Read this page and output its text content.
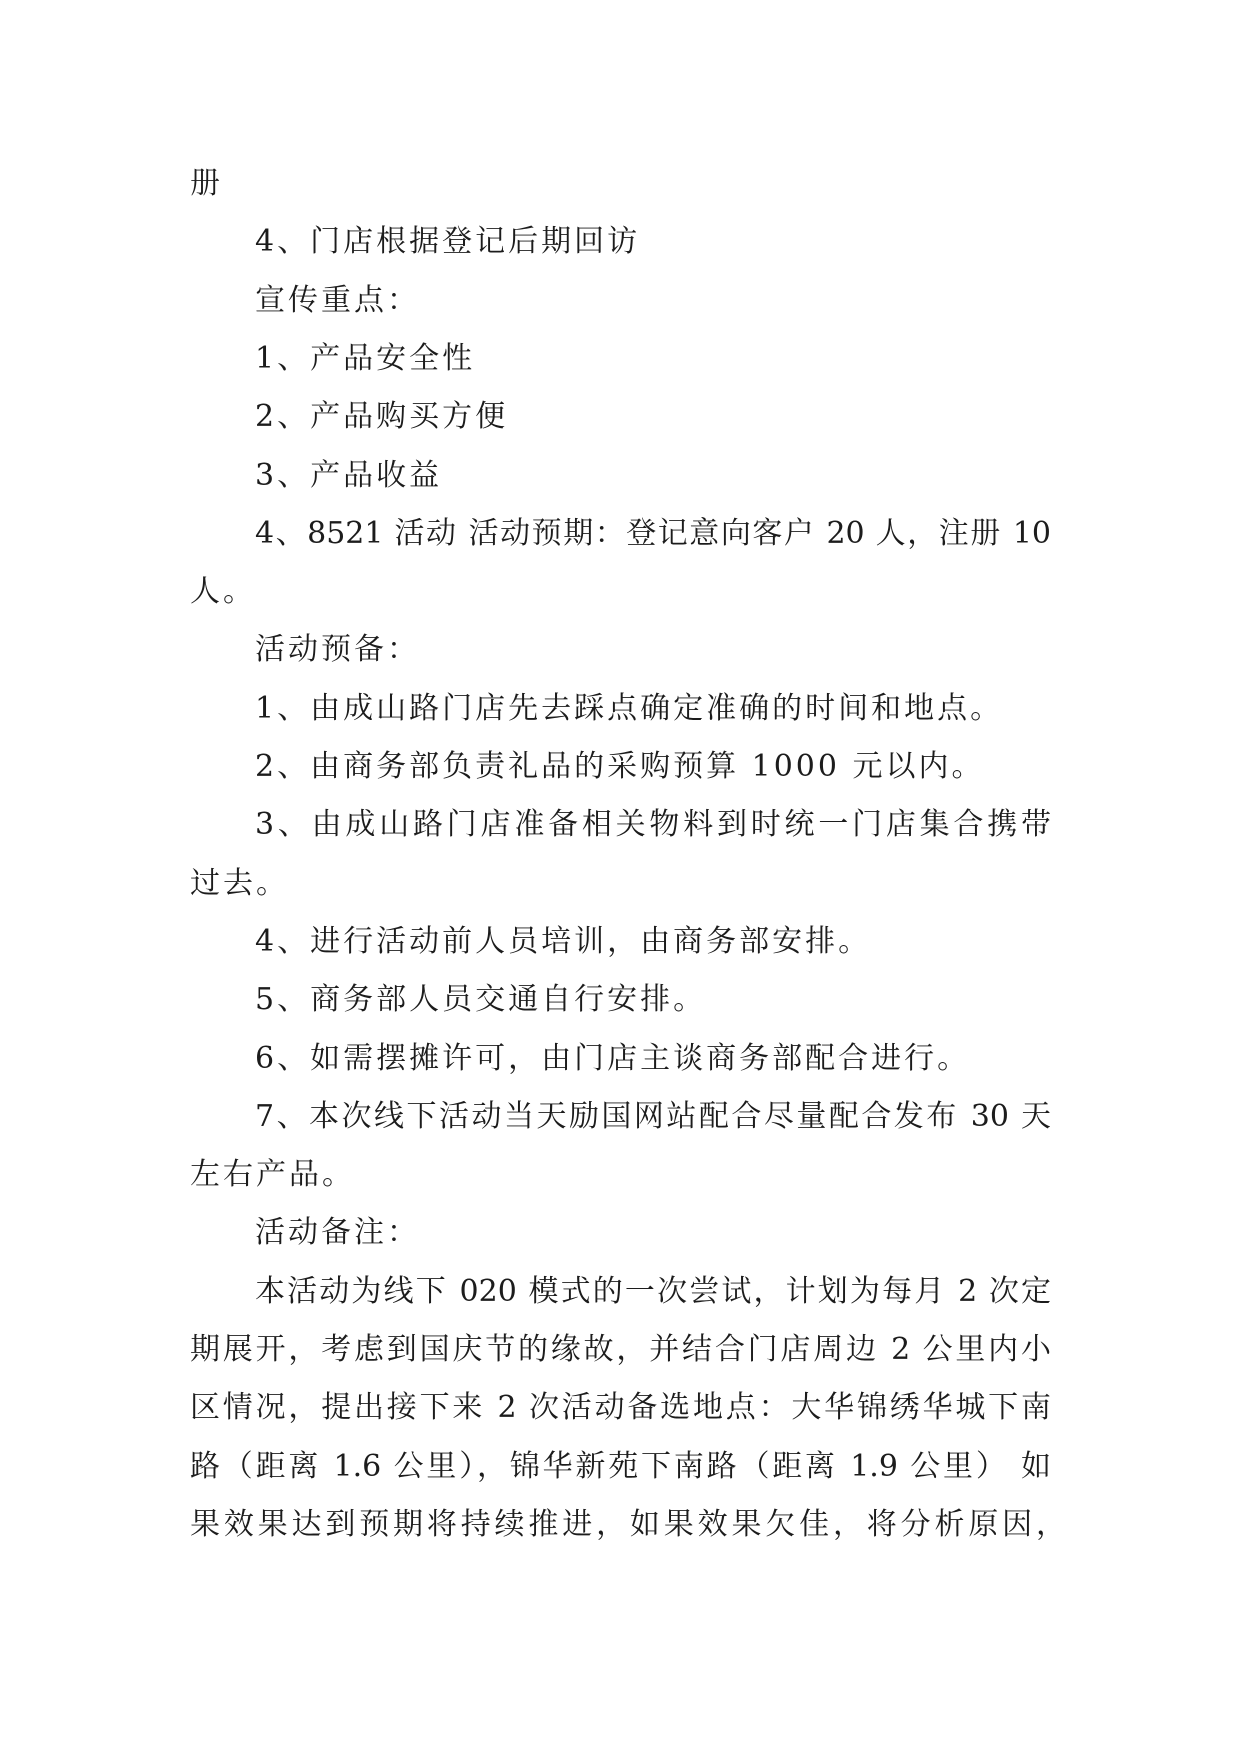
册
4、门店根据登记后期回访
宣传重点：
1、产品安全性
2、产品购买方便
3、产品收益
4、8521 活动 活动预期：登记意向客户 20 人，注册 10
人。
活动预备：
1、由成山路门店先去踩点确定准确的时间和地点。
2、由商务部负责礼品的采购预算 1000 元以内。
3、由成山路门店准备相关物料到时统一门店集合携带
过去。
4、进行活动前人员培训，由商务部安排。
5、商务部人员交通自行安排。
6、如需摆摊许可，由门店主谈商务部配合进行。
7、本次线下活动当天励国网站配合尽量配合发布 30 天
左右产品。
活动备注：
本活动为线下 020 模式的一次尝试，计划为每月 2 次定
期展开，考虑到国庆节的缘故，并结合门店周边 2 公里内小
区情况，提出接下来 2 次活动备选地点：大华锦绣华城下南
路（距离 1.6 公里），锦华新苑下南路（距离 1.9 公里） 如
果效果达到预期将持续推进，如果效果欠佳，将分析原因，
